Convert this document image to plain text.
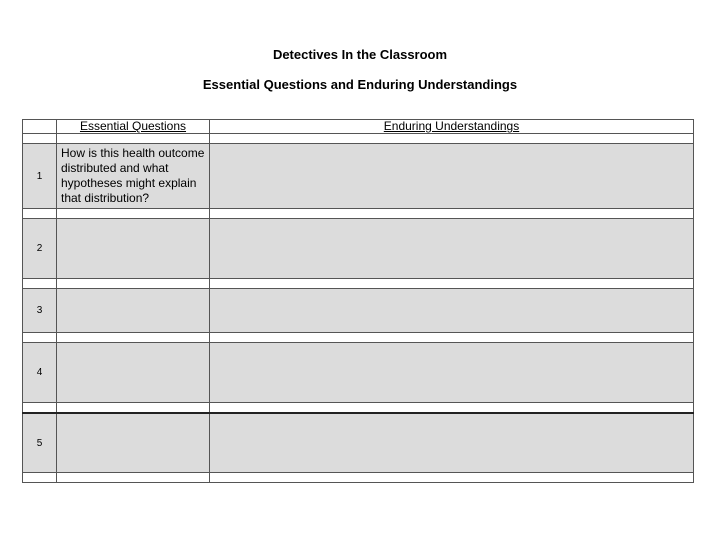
Detectives In the Classroom
Essential Questions and Enduring Understandings
	Essential Questions	Enduring Understandings

1	How is this health outcome distributed and what hypotheses might explain that distribution?	

2		

3		

4		

5		
